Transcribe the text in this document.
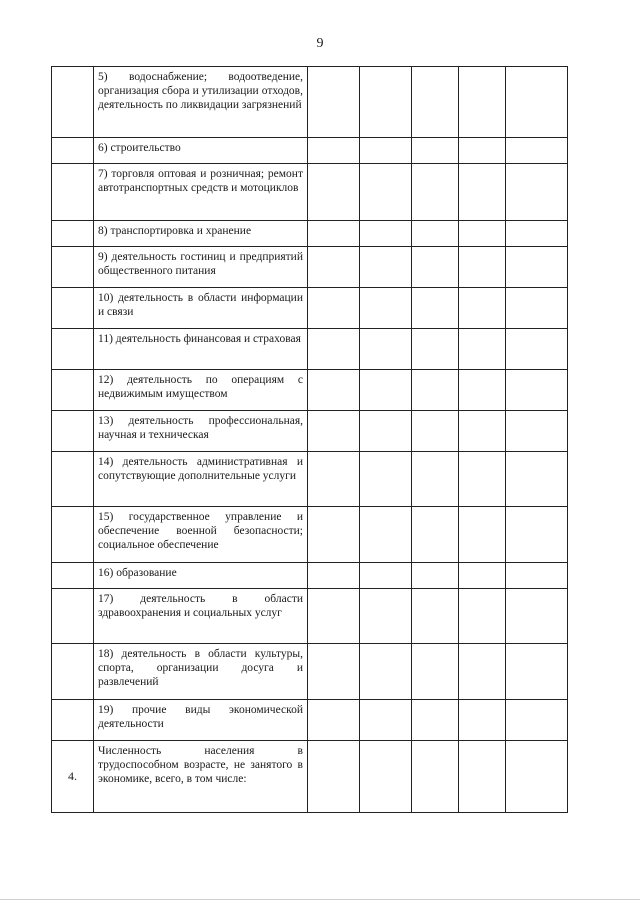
9
	5) водоснабжение; водоотведение, организация сбора и утилизации отходов, деятельность по ликвидации загрязнений					
	6) строительство					
	7) торговля оптовая и розничная; ремонт автотранспортных средств и мотоциклов					
	8) транспортировка и хранение					
	9) деятельность гостиниц и предприятий общественного питания					
	10) деятельность в области информации и связи					
	11) деятельность финансовая и страховая					
	12) деятельность по операциям с недвижимым имуществом					
	13) деятельность профессиональная, научная и техническая					
	14) деятельность административная и сопутствующие дополнительные услуги					
	15) государственное управление и обеспечение военной безопасности; социальное обеспечение					
	16) образование					
	17) деятельность в области здравоохранения и социальных услуг					
	18) деятельность в области культуры, спорта, организации досуга и развлечений					
	19) прочие виды экономической деятельности					
4.	Численность населения в трудоспособном возрасте, не занятого в экономике, всего, в том числе:					
